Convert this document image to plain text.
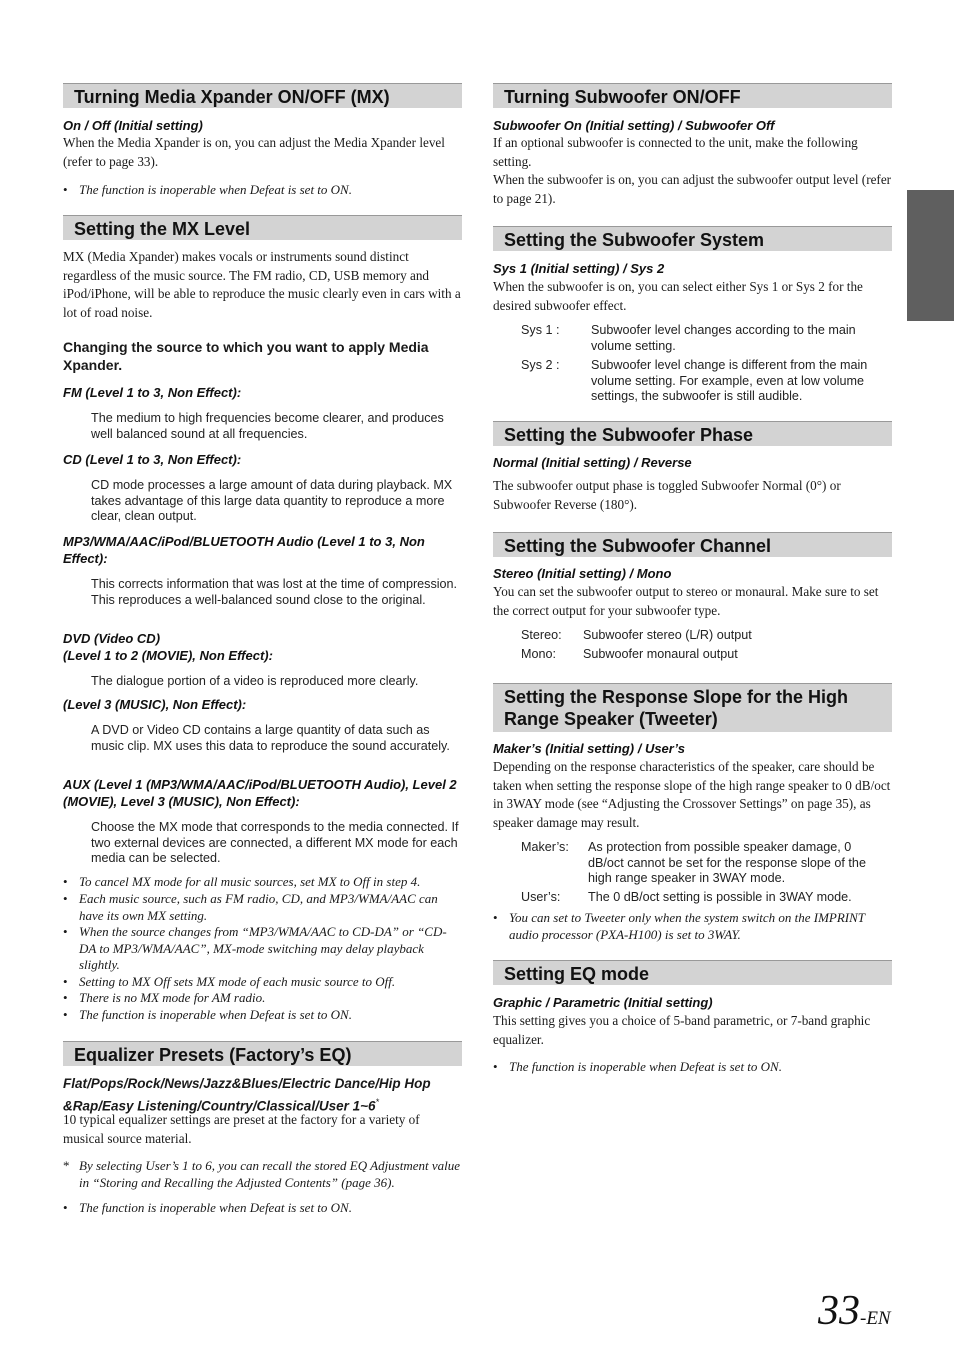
Turning Media Xpander ON/OFF (MX)
On / Off (Initial setting)
When the Media Xpander is on, you can adjust the Media Xpander level (refer to page 33).
• The function is inoperable when Defeat is set to ON.
Setting the MX Level
MX (Media Xpander) makes vocals or instruments sound distinct regardless of the music source. The FM radio, CD, USB memory and iPod/iPhone, will be able to reproduce the music clearly even in cars with a lot of road noise.
Changing the source to which you want to apply Media Xpander.
FM (Level 1 to 3, Non Effect):
The medium to high frequencies become clearer, and produces well balanced sound at all frequencies.
CD (Level 1 to 3, Non Effect):
CD mode processes a large amount of data during playback. MX takes advantage of this large data quantity to reproduce a more clear, clean output.
MP3/WMA/AAC/iPod/BLUETOOTH Audio (Level 1 to 3, Non Effect):
This corrects information that was lost at the time of compression. This reproduces a well-balanced sound close to the original.
DVD (Video CD)
(Level 1 to 2 (MOVIE), Non Effect):
The dialogue portion of a video is reproduced more clearly.
(Level 3 (MUSIC), Non Effect):
A DVD or Video CD contains a large quantity of data such as music clip. MX uses this data to reproduce the sound accurately.
AUX (Level 1 (MP3/WMA/AAC/iPod/BLUETOOTH Audio), Level 2 (MOVIE), Level 3 (MUSIC), Non Effect):
Choose the MX mode that corresponds to the media connected. If two external devices are connected, a different MX mode for each media can be selected.
• To cancel MX mode for all music sources, set MX to Off in step 4.
• Each music source, such as FM radio, CD, and MP3/WMA/AAC can have its own MX setting.
• When the source changes from “MP3/WMA/AAC to CD-DA” or “CD-DA to MP3/WMA/AAC”, MX-mode switching may delay playback slightly.
• Setting to MX Off sets MX mode of each music source to Off.
• There is no MX mode for AM radio.
• The function is inoperable when Defeat is set to ON.
Equalizer Presets (Factory’s EQ)
Flat/Pops/Rock/News/Jazz&Blues/Electric Dance/Hip Hop
&Rap/Easy Listening/Country/Classical/User 1~6*
10 typical equalizer settings are preset at the factory for a variety of musical source material.
* By selecting User’s 1 to 6, you can recall the stored EQ Adjustment value in “Storing and Recalling the Adjusted Contents” (page 36).
• The function is inoperable when Defeat is set to ON.
Turning Subwoofer ON/OFF
Subwoofer On (Initial setting) / Subwoofer Off
If an optional subwoofer is connected to the unit, make the following setting.
When the subwoofer is on, you can adjust the subwoofer output level (refer to page 21).
Setting the Subwoofer System
Sys 1 (Initial setting) / Sys 2
When the subwoofer is on, you can select either Sys 1 or Sys 2 for the desired subwoofer effect.
Sys 1 :	Subwoofer level changes according to the main volume setting.
Sys 2 :	Subwoofer level change is different from the main volume setting. For example, even at low volume settings, the subwoofer is still audible.
Setting the Subwoofer Phase
Normal (Initial setting) / Reverse
The subwoofer output phase is toggled Subwoofer Normal (0°) or Subwoofer Reverse (180°).
Setting the Subwoofer Channel
Stereo (Initial setting) / Mono
You can set the subwoofer output to stereo or monaural. Make sure to set the correct output for your subwoofer type.
Stereo: Subwoofer stereo (L/R) output
Mono: Subwoofer monaural output
Setting the Response Slope for the High
Range Speaker (Tweeter)
Maker’s (Initial setting) / User’s
Depending on the response characteristics of the speaker, care should be taken when setting the response slope of the high range speaker to 0 dB/oct in 3WAY mode (see “Adjusting the Crossover Settings” on page 35), as speaker damage may result.
Maker’s: As protection from possible speaker damage, 0 dB/oct cannot be set for the response slope of the high range speaker in 3WAY mode.
User’s: The 0 dB/oct setting is possible in 3WAY mode.
• You can set to Tweeter only when the system switch on the IMPRINT audio processor (PXA-H100) is set to 3WAY.
Setting EQ mode
Graphic / Parametric (Initial setting)
This setting gives you a choice of 5-band parametric, or 7-band graphic equalizer.
• The function is inoperable when Defeat is set to ON.
33-EN
